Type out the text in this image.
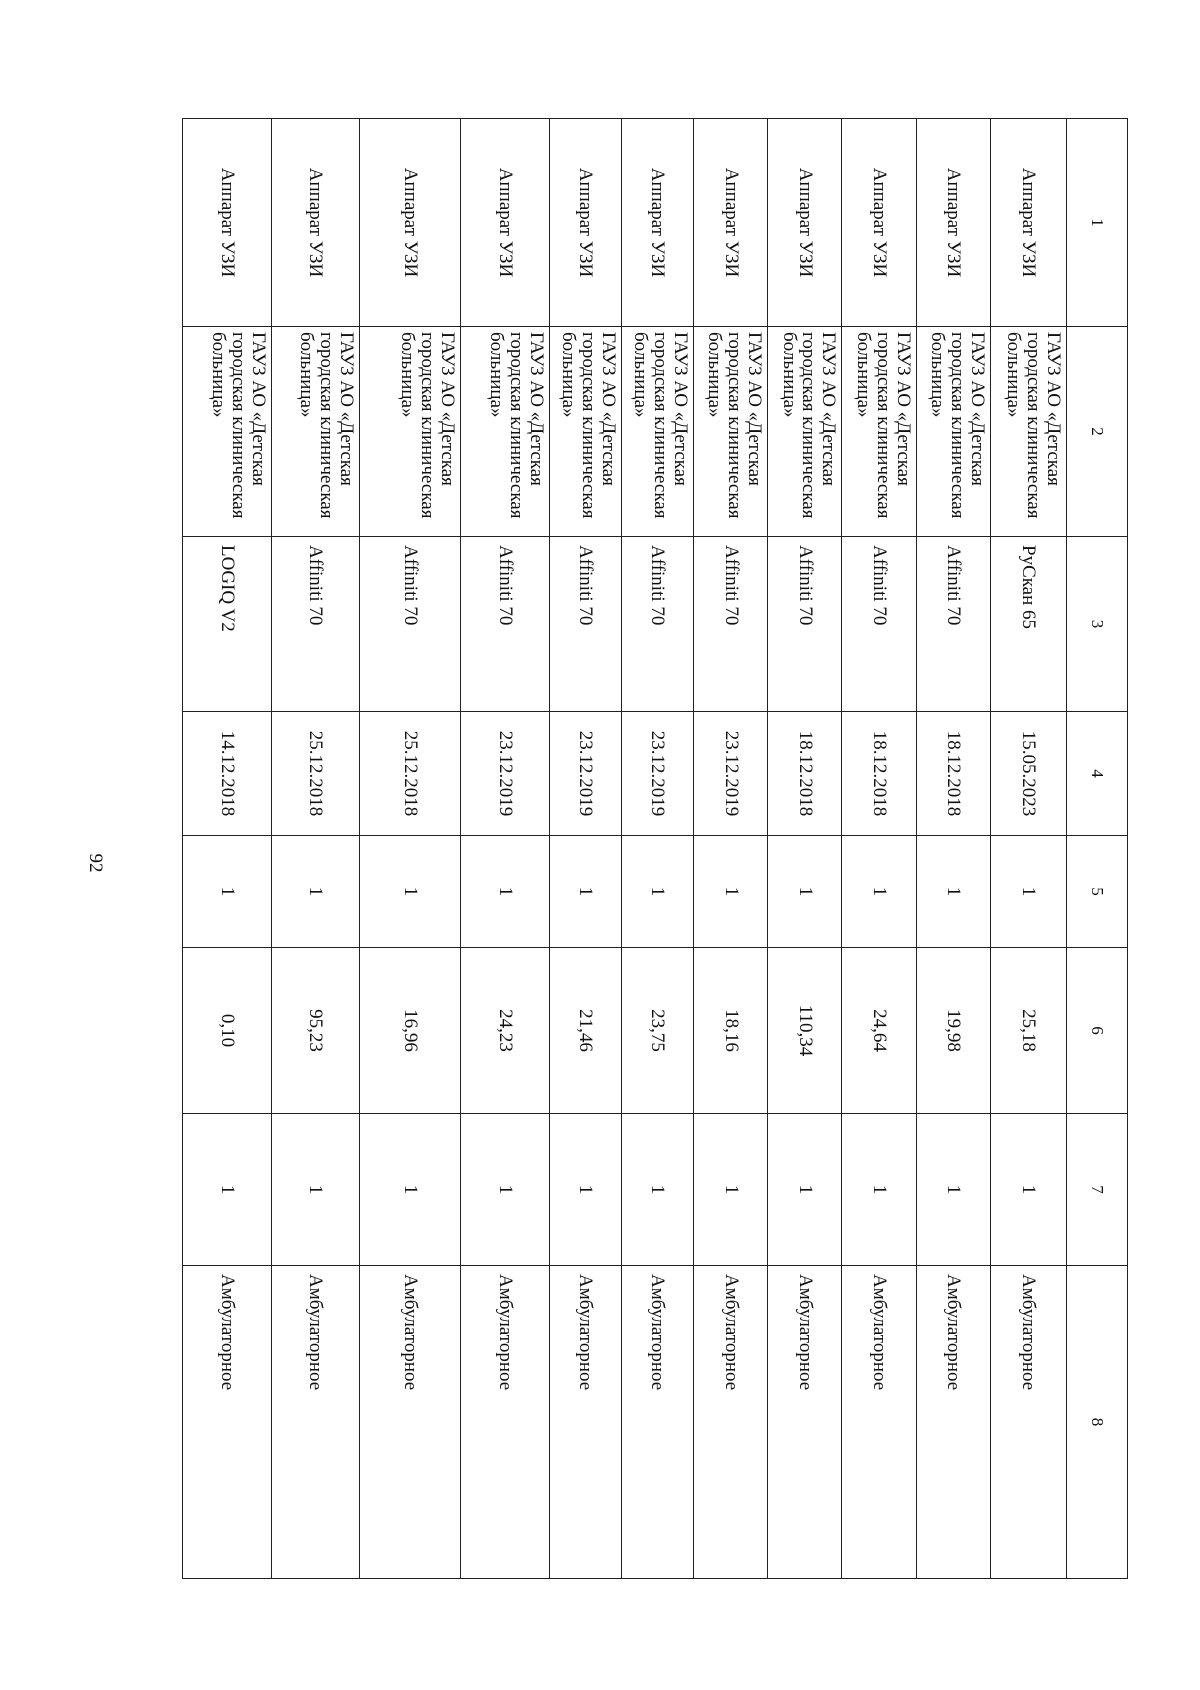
92
1	2	3	4	5	6	7	8
Аппарат УЗИ	ГАУЗ АО «Детская городская клиническая больница»	РуСкан 65	15.05.2023	1	25,18	1	Амбулаторное
Аппарат УЗИ	ГАУЗ АО «Детская городская клиническая больница»	Affiniti 70	18.12.2018	1	19,98	1	Амбулаторное
Аппарат УЗИ	ГАУЗ АО «Детская городская клиническая больница»	Affiniti 70	18.12.2018	1	24,64	1	Амбулаторное
Аппарат УЗИ	ГАУЗ АО «Детская городская клиническая больница»	Affiniti 70	18.12.2018	1	110,34	1	Амбулаторное
Аппарат УЗИ	ГАУЗ АО «Детская городская клиническая больница»	Affiniti 70	23.12.2019	1	18,16	1	Амбулаторное
Аппарат УЗИ	ГАУЗ АО «Детская городская клиническая больница»	Affiniti 70	23.12.2019	1	23,75	1	Амбулаторное
Аппарат УЗИ	ГАУЗ АО «Детская городская клиническая больница»	Affiniti 70	23.12.2019	1	21,46	1	Амбулаторное
Аппарат УЗИ	ГАУЗ АО «Детская городская клиническая больница»	Affiniti 70	23.12.2019	1	24,23	1	Амбулаторное
Аппарат УЗИ	ГАУЗ АО «Детская городская клиническая больница»	Affiniti 70	25.12.2018	1	16,96	1	Амбулаторное
Аппарат УЗИ	ГАУЗ АО «Детская городская клиническая больница»	Affiniti 70	25.12.2018	1	95,23	1	Амбулаторное
Аппарат УЗИ	ГАУЗ АО «Детская городская клиническая больница»	LOGIQ V2	14.12.2018	1	0,10	1	Амбулаторное
